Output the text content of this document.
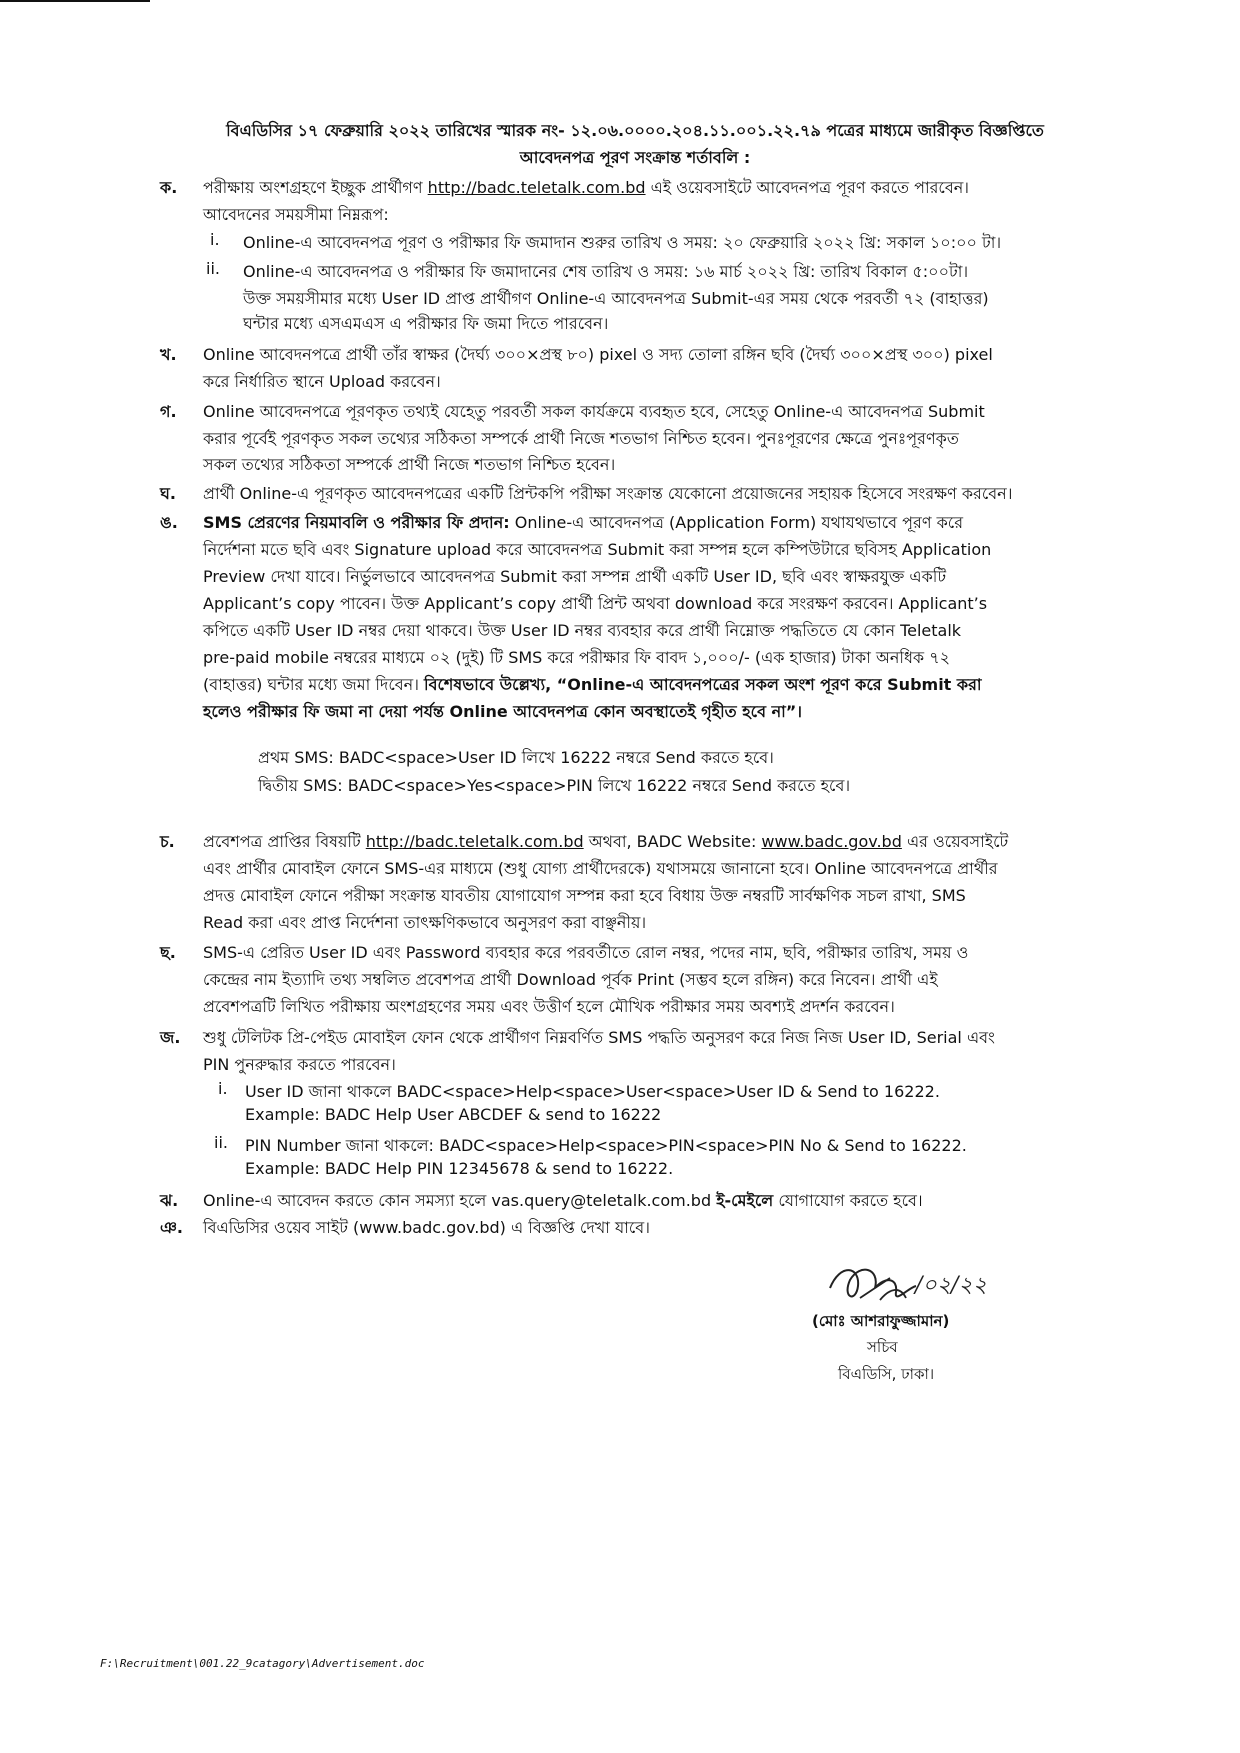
বিএডিসির ১৭ ফেব্রুয়ারি ২০২২ তারিখের স্মারক নং- ১২.০৬.০০০০.২০৪.১১.০০১.২২.৭৯ পত্রের মাধ্যমে জারীকৃত বিজ্ঞপ্তিতে
আবেদনপত্র পূরণ সংক্রান্ত শর্তাবলি :
ক. পরীক্ষায় অংশগ্রহণে ইচ্ছুক প্রার্থীগণ http://badc.teletalk.com.bd এই ওয়েবসাইটে আবেদনপত্র পূরণ করতে পারবেন।
আবেদনের সময়সীমা নিম্নরূপ:
i. Online-এ আবেদনপত্র পূরণ ও পরীক্ষার ফি জমাদান শুরুর তারিখ ও সময়: ২০ ফেব্রুয়ারি ২০২২ খ্রি: সকাল ১০:০০ টা।
ii. Online-এ আবেদনপত্র ও পরীক্ষার ফি জমাদানের শেষ তারিখ ও সময়: ১৬ মার্চ ২০২২ খ্রি: তারিখ বিকাল ৫:০০টা।
উক্ত সময়সীমার মধ্যে User ID প্রাপ্ত প্রার্থীগণ Online-এ আবেদনপত্র Submit-এর সময় থেকে পরবর্তী ৭২ (বাহাত্তর)
ঘন্টার মধ্যে এসএমএস এ পরীক্ষার ফি জমা দিতে পারবেন।
খ. Online আবেদনপত্রে প্রার্থী তাঁর স্বাক্ষর (দৈর্ঘ্য ৩০০×প্রস্থ ৮০) pixel ও সদ্য তোলা রঙ্গিন ছবি (দৈর্ঘ্য ৩০০×প্রস্থ ৩০০) pixel
করে নির্ধারিত স্থানে Upload করবেন।
গ. Online আবেদনপত্রে পূরণকৃত তথ্যই যেহেতু পরবর্তী সকল কার্যক্রমে ব্যবহৃত হবে, সেহেতু Online-এ আবেদনপত্র Submit
করার পূর্বেই পূরণকৃত সকল তথ্যের সঠিকতা সম্পর্কে প্রার্থী নিজে শতভাগ নিশ্চিত হবেন। পুনঃপূরণের ক্ষেত্রে পুনঃপূরণকৃত
সকল তথ্যের সঠিকতা সম্পর্কে প্রার্থী নিজে শতভাগ নিশ্চিত হবেন।
ঘ. প্রার্থী Online-এ পূরণকৃত আবেদনপত্রের একটি প্রিন্টকপি পরীক্ষা সংক্রান্ত যেকোনো প্রয়োজনের সহায়ক হিসেবে সংরক্ষণ করবেন।
ঙ. SMS প্রেরণের নিয়মাবলি ও পরীক্ষার ফি প্রদান: Online-এ আবেদনপত্র (Application Form) যথাযথভাবে পূরণ করে
নির্দেশনা মতে ছবি এবং Signature upload করে আবেদনপত্র Submit করা সম্পন্ন হলে কম্পিউটারে ছবিসহ Application
Preview দেখা যাবে। নির্ভুলভাবে আবেদনপত্র Submit করা সম্পন্ন প্রার্থী একটি User ID, ছবি এবং স্বাক্ষরযুক্ত একটি
Applicant’s copy পাবেন। উক্ত Applicant’s copy প্রার্থী প্রিন্ট অথবা download করে সংরক্ষণ করবেন। Applicant’s
কপিতে একটি User ID নম্বর দেয়া থাকবে। উক্ত User ID নম্বর ব্যবহার করে প্রার্থী নিম্নোক্ত পদ্ধতিতে যে কোন Teletalk
pre-paid mobile নম্বরের মাধ্যমে ০২ (দুই) টি SMS করে পরীক্ষার ফি বাবদ ১,০০০/- (এক হাজার) টাকা অনধিক ৭২
(বাহাত্তর) ঘন্টার মধ্যে জমা দিবেন। বিশেষভাবে উল্লেখ্য, “Online-এ আবেদনপত্রের সকল অংশ পূরণ করে Submit করা
হলেও পরীক্ষার ফি জমা না দেয়া পর্যন্ত Online আবেদনপত্র কোন অবস্থাতেই গৃহীত হবে না”।
প্রথম SMS: BADC<space>User ID লিখে 16222 নম্বরে Send করতে হবে।
দ্বিতীয় SMS: BADC<space>Yes<space>PIN লিখে 16222 নম্বরে Send করতে হবে।
চ. প্রবেশপত্র প্রাপ্তির বিষয়টি http://badc.teletalk.com.bd অথবা, BADC Website: www.badc.gov.bd এর ওয়েবসাইটে
এবং প্রার্থীর মোবাইল ফোনে SMS-এর মাধ্যমে (শুধু যোগ্য প্রার্থীদেরকে) যথাসময়ে জানানো হবে। Online আবেদনপত্রে প্রার্থীর
প্রদত্ত মোবাইল ফোনে পরীক্ষা সংক্রান্ত যাবতীয় যোগাযোগ সম্পন্ন করা হবে বিধায় উক্ত নম্বরটি সার্বক্ষণিক সচল রাখা, SMS
Read করা এবং প্রাপ্ত নির্দেশনা তাৎক্ষণিকভাবে অনুসরণ করা বাঞ্ছনীয়।
ছ. SMS-এ প্রেরিত User ID এবং Password ব্যবহার করে পরবর্তীতে রোল নম্বর, পদের নাম, ছবি, পরীক্ষার তারিখ, সময় ও
কেন্দ্রের নাম ইত্যাদি তথ্য সম্বলিত প্রবেশপত্র প্রার্থী Download পূর্বক Print (সম্ভব হলে রঙ্গিন) করে নিবেন। প্রার্থী এই
প্রবেশপত্রটি লিখিত পরীক্ষায় অংশগ্রহণের সময় এবং উত্তীর্ণ হলে মৌখিক পরীক্ষার সময় অবশ্যই প্রদর্শন করবেন।
জ. শুধু টেলিটক প্রি-পেইড মোবাইল ফোন থেকে প্রার্থীগণ নিম্নবর্ণিত SMS পদ্ধতি অনুসরণ করে নিজ নিজ User ID, Serial এবং
PIN পুনরুদ্ধার করতে পারবেন।
i. User ID জানা থাকলে BADC<space>Help<space>User<space>User ID & Send to 16222.
Example: BADC Help User ABCDEF & send to 16222
ii. PIN Number জানা থাকলে: BADC<space>Help<space>PIN<space>PIN No & Send to 16222.
Example: BADC Help PIN 12345678 & send to 16222.
ঝ. Online-এ আবেদন করতে কোন সমস্যা হলে vas.query@teletalk.com.bd ই-মেইলে যোগাযোগ করতে হবে।
ঞ. বিএডিসির ওয়েব সাইট (www.badc.gov.bd) এ বিজ্ঞপ্তি দেখা যাবে।
/০২/২২
(মোঃ আশরাফুজ্জামান)
সচিব
বিএডিসি, ঢাকা।
F:\Recruitment\001.22_9catagory\Advertisement.doc
